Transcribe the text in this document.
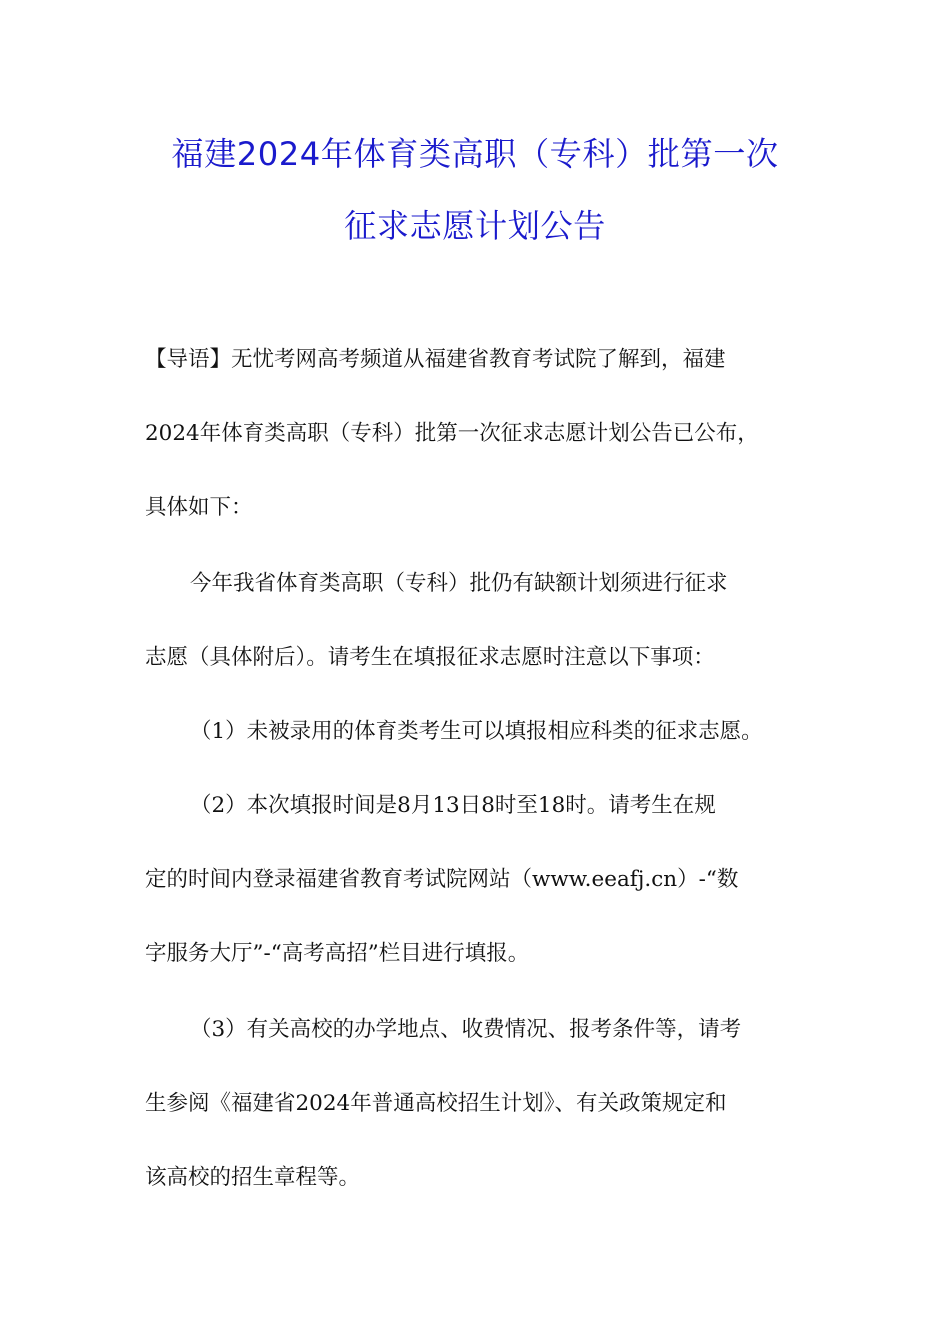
福建2024年体育类高职（专科）批第一次
征求志愿计划公告
【导语】无忧考网高考频道从福建省教育考试院了解到，福建
2024年体育类高职（专科）批第一次征求志愿计划公告已公布，
具体如下：
今年我省体育类高职（专科）批仍有缺额计划须进行征求
志愿（具体附后）。请考生在填报征求志愿时注意以下事项：
（1）未被录用的体育类考生可以填报相应科类的征求志愿。
（2）本次填报时间是8月13日8时至18时。请考生在规
定的时间内登录福建省教育考试院网站（www.eeafj.cn）-“数
字服务大厅”-“高考高招”栏目进行填报。
（3）有关高校的办学地点、收费情况、报考条件等，请考
生参阅《福建省2024年普通高校招生计划》、有关政策规定和
该高校的招生章程等。
